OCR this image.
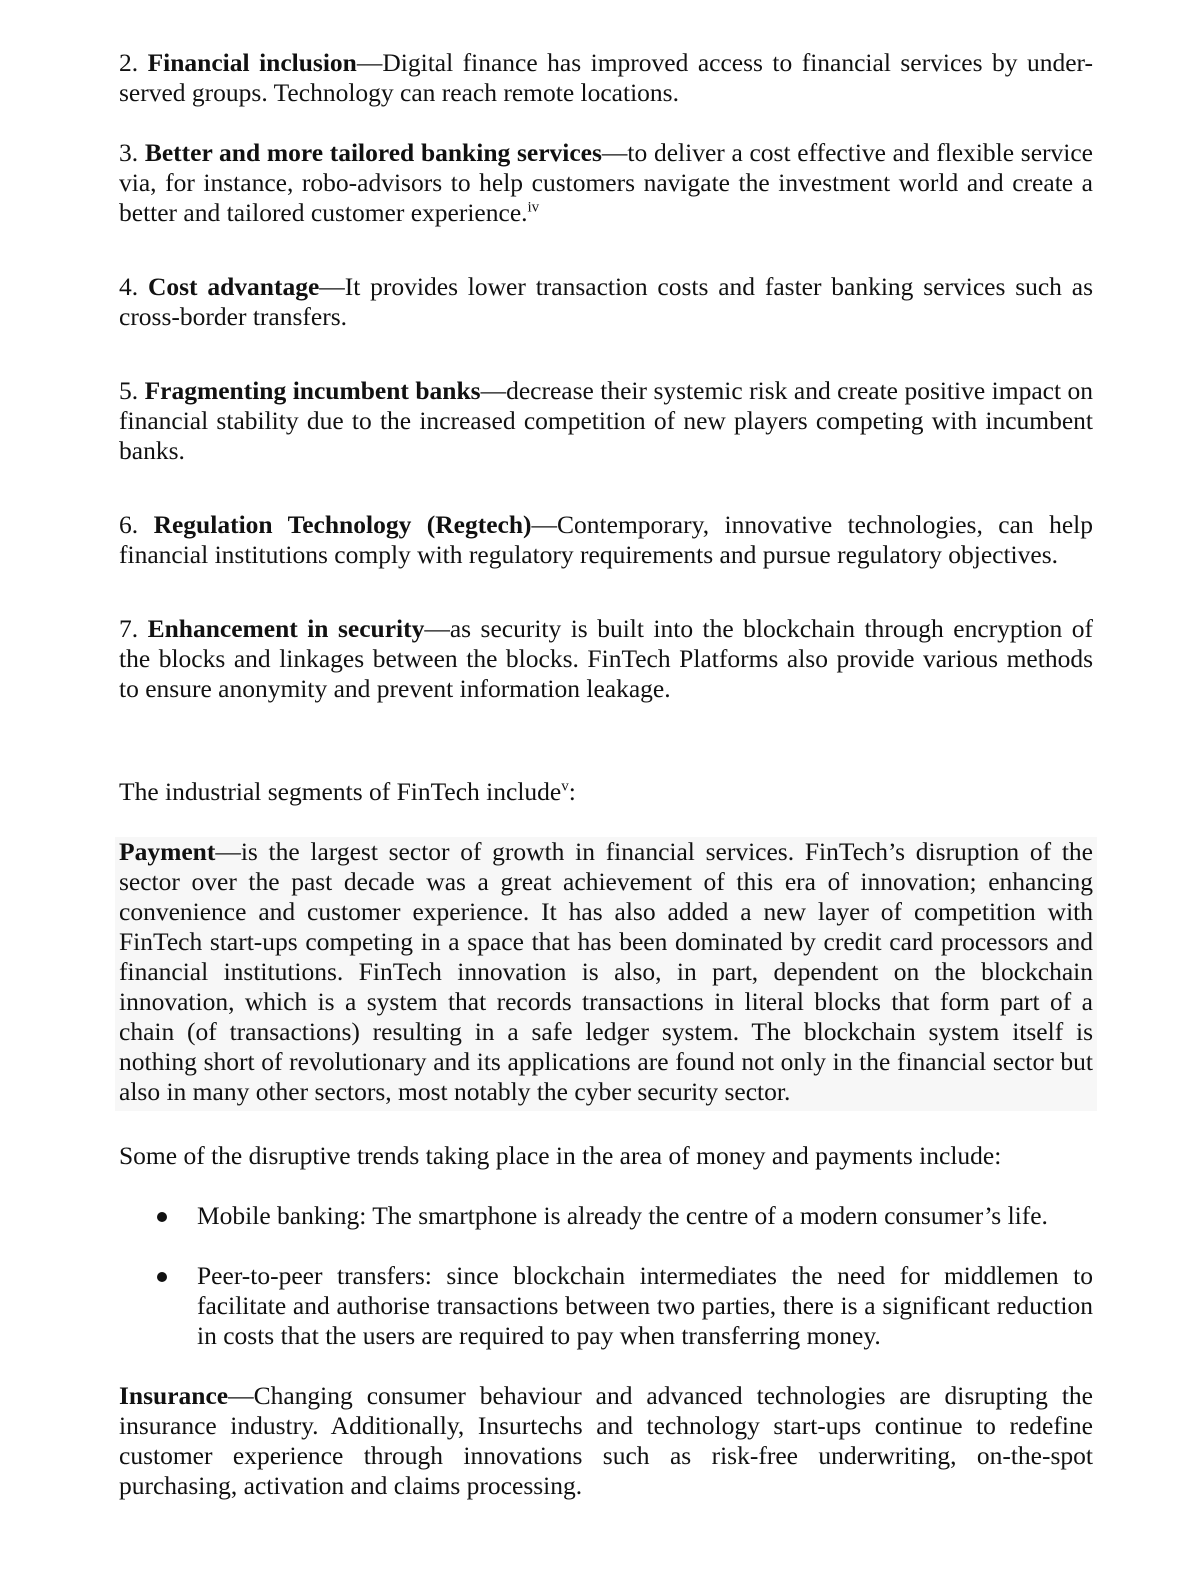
2. Financial inclusion—Digital finance has improved access to financial services by under-served groups. Technology can reach remote locations.

3. Better and more tailored banking services—to deliver a cost effective and flexible service via, for instance, robo-advisors to help customers navigate the investment world and create a better and tailored customer experience.$^{iv}$

4. Cost advantage—It provides lower transaction costs and faster banking services such as cross-border transfers.

5. Fragmenting incumbent banks—decrease their systemic risk and create positive impact on financial stability due to the increased competition of new players competing with incumbent banks.

6. Regulation Technology (Regtech)—Contemporary, innovative technologies, can help financial institutions comply with regulatory requirements and pursue regulatory objectives.

7. Enhancement in security—as security is built into the blockchain through encryption of the blocks and linkages between the blocks. FinTech Platforms also provide various methods to ensure anonymity and prevent information leakage.

The industrial segments of FinTech include$^v$:

Payment—is the largest sector of growth in financial services. FinTech’s disruption of the sector over the past decade was a great achievement of this era of innovation; enhancing convenience and customer experience. It has also added a new layer of competition with FinTech start-ups competing in a space that has been dominated by credit card processors and financial institutions. FinTech innovation is also, in part, dependent on the blockchain innovation, which is a system that records transactions in literal blocks that form part of a chain (of transactions) resulting in a safe ledger system. The blockchain system itself is nothing short of revolutionary and its applications are found not only in the financial sector but also in many other sectors, most notably the cyber security sector.

Some of the disruptive trends taking place in the area of money and payments include:

Mobile banking: The smartphone is already the centre of a modern consumer’s life.
Peer-to-peer transfers: since blockchain intermediates the need for middlemen to facilitate and authorise transactions between two parties, there is a significant reduction in costs that the users are required to pay when transferring money.

Insurance—Changing consumer behaviour and advanced technologies are disrupting the insurance industry. Additionally, Insurtechs and technology start-ups continue to redefine customer experience through innovations such as risk-free underwriting, on-the-spot purchasing, activation and claims processing.
